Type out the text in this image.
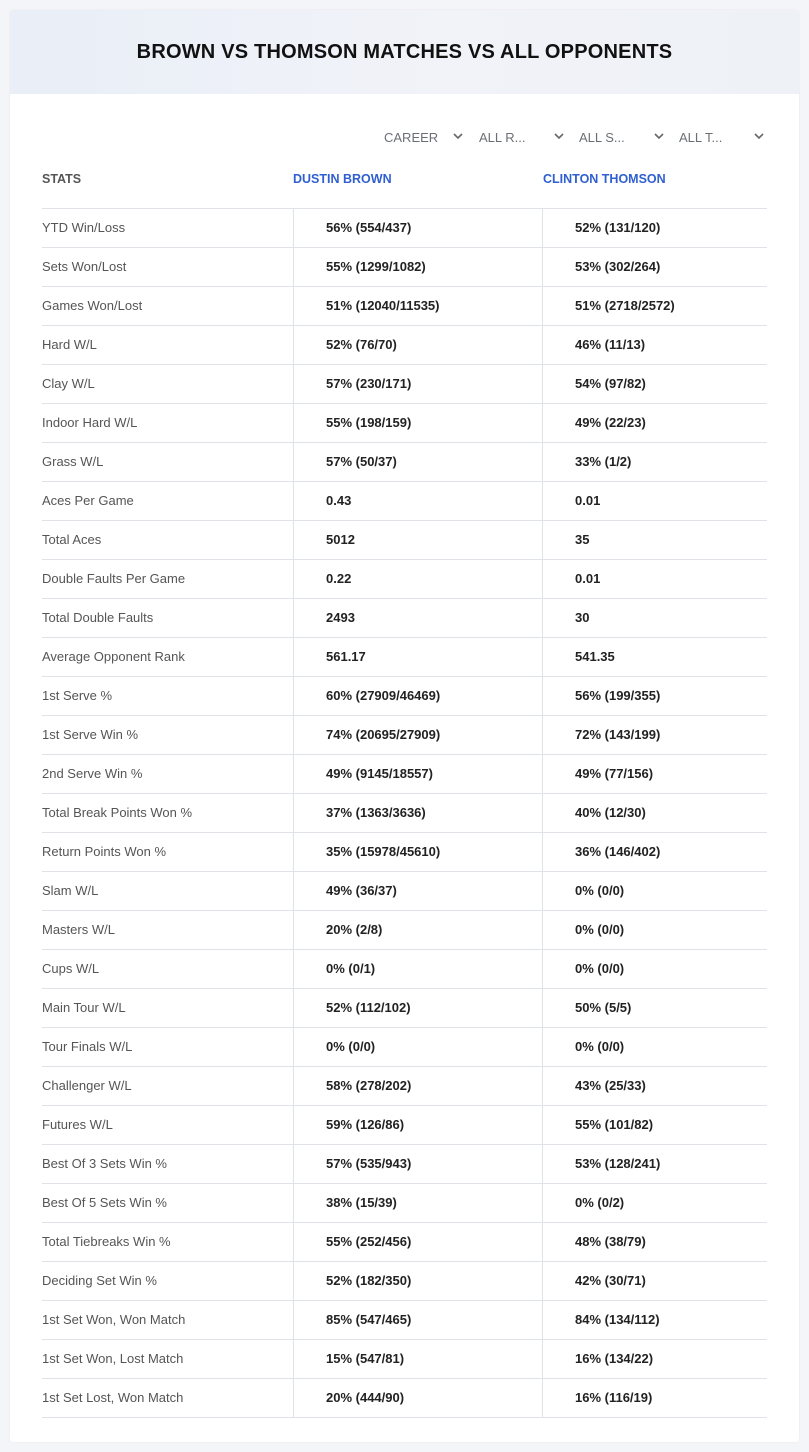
BROWN VS THOMSON MATCHES VS ALL OPPONENTS
CAREER	ALL R...	ALL S...	ALL T...
STATS	DUSTIN BROWN	CLINTON THOMSON
YTD Win/Loss	56% (554/437)	52% (131/120)
Sets Won/Lost	55% (1299/1082)	53% (302/264)
Games Won/Lost	51% (12040/11535)	51% (2718/2572)
Hard W/L	52% (76/70)	46% (11/13)
Clay W/L	57% (230/171)	54% (97/82)
Indoor Hard W/L	55% (198/159)	49% (22/23)
Grass W/L	57% (50/37)	33% (1/2)
Aces Per Game	0.43	0.01
Total Aces	5012	35
Double Faults Per Game	0.22	0.01
Total Double Faults	2493	30
Average Opponent Rank	561.17	541.35
1st Serve %	60% (27909/46469)	56% (199/355)
1st Serve Win %	74% (20695/27909)	72% (143/199)
2nd Serve Win %	49% (9145/18557)	49% (77/156)
Total Break Points Won %	37% (1363/3636)	40% (12/30)
Return Points Won %	35% (15978/45610)	36% (146/402)
Slam W/L	49% (36/37)	0% (0/0)
Masters W/L	20% (2/8)	0% (0/0)
Cups W/L	0% (0/1)	0% (0/0)
Main Tour W/L	52% (112/102)	50% (5/5)
Tour Finals W/L	0% (0/0)	0% (0/0)
Challenger W/L	58% (278/202)	43% (25/33)
Futures W/L	59% (126/86)	55% (101/82)
Best Of 3 Sets Win %	57% (535/943)	53% (128/241)
Best Of 5 Sets Win %	38% (15/39)	0% (0/2)
Total Tiebreaks Win %	55% (252/456)	48% (38/79)
Deciding Set Win %	52% (182/350)	42% (30/71)
1st Set Won, Won Match	85% (547/465)	84% (134/112)
1st Set Won, Lost Match	15% (547/81)	16% (134/22)
1st Set Lost, Won Match	20% (444/90)	16% (116/19)
